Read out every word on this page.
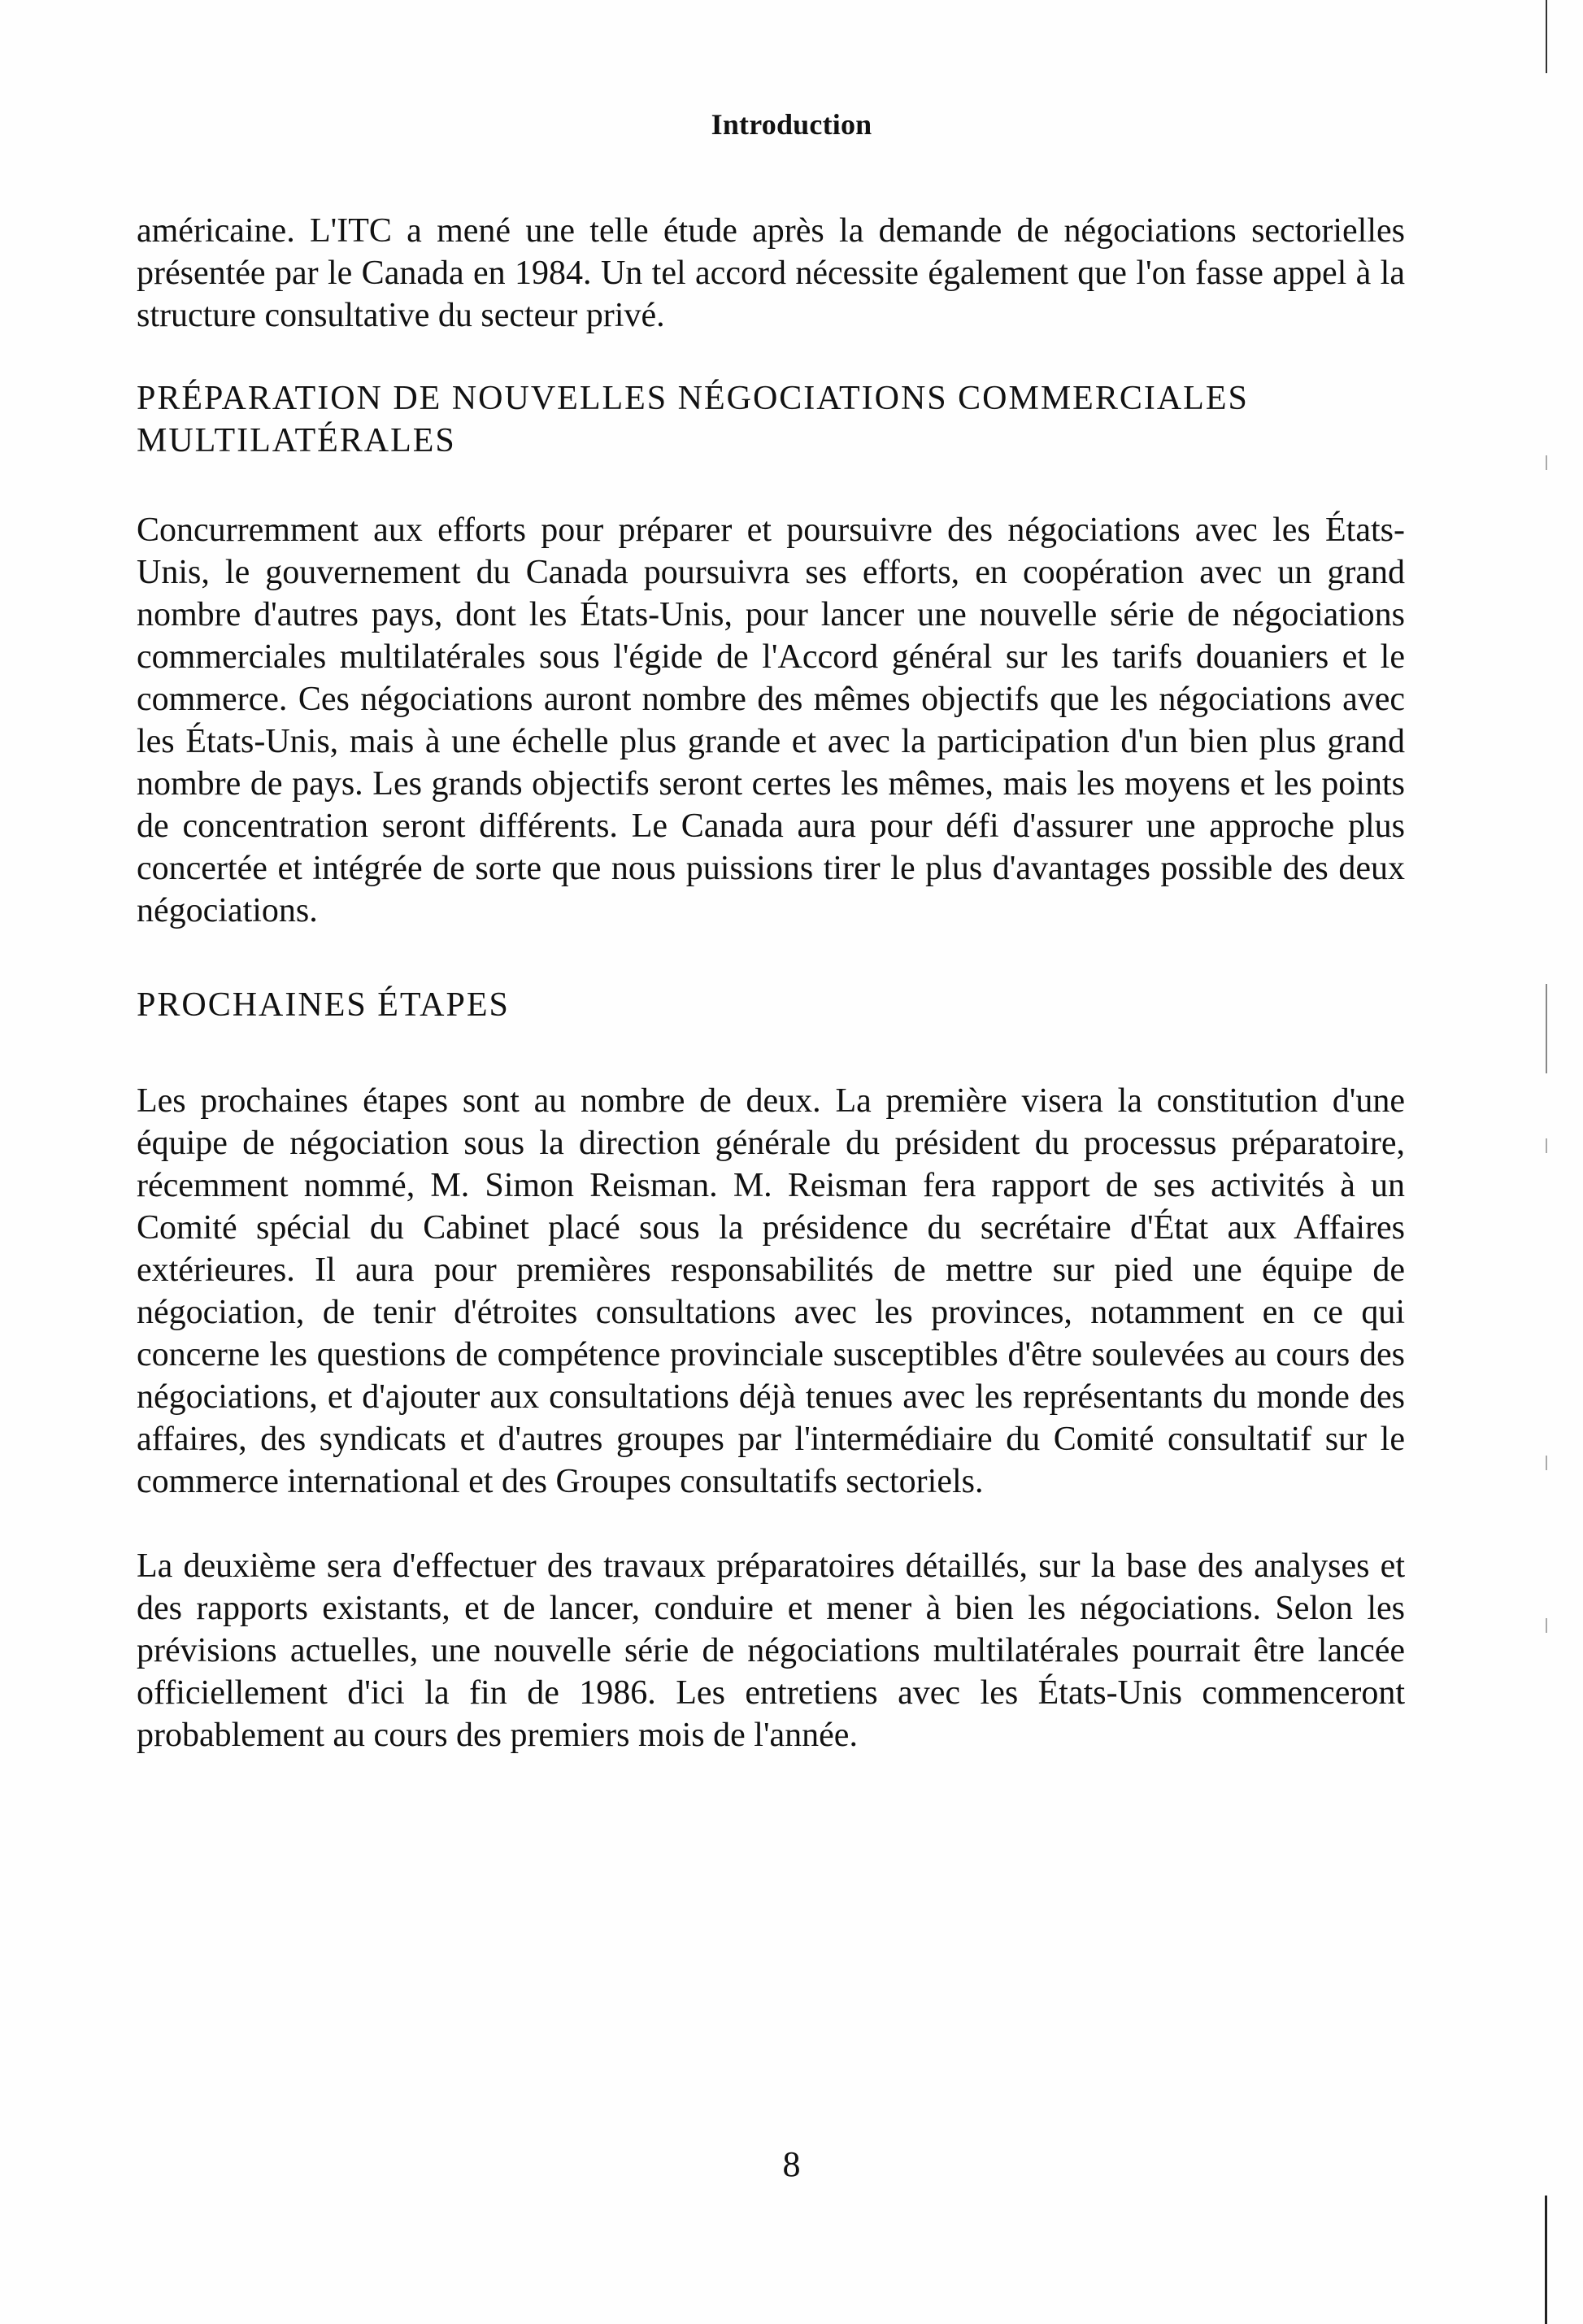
Introduction

américaine. L'ITC a mené une telle étude après la demande de négociations sectorielles présentée par le Canada en 1984. Un tel accord nécessite également que l'on fasse appel à la structure consultative du secteur privé.

PRÉPARATION DE NOUVELLES NÉGOCIATIONS COMMERCIALES MULTILATÉRALES

Concurremment aux efforts pour préparer et poursuivre des négociations avec les États-Unis, le gouvernement du Canada poursuivra ses efforts, en coopération avec un grand nombre d'autres pays, dont les États-Unis, pour lancer une nouvelle série de négociations commerciales multilatérales sous l'égide de l'Accord général sur les tarifs douaniers et le commerce. Ces négociations auront nombre des mêmes objectifs que les négociations avec les États-Unis, mais à une échelle plus grande et avec la participation d'un bien plus grand nombre de pays. Les grands objectifs seront certes les mêmes, mais les moyens et les points de concentration seront différents. Le Canada aura pour défi d'assurer une approche plus concertée et intégrée de sorte que nous puissions tirer le plus d'avantages possible des deux négociations.

PROCHAINES ÉTAPES

Les prochaines étapes sont au nombre de deux. La première visera la constitution d'une équipe de négociation sous la direction générale du président du processus préparatoire, récemment nommé, M. Simon Reisman. M. Reisman fera rapport de ses activités à un Comité spécial du Cabinet placé sous la présidence du secrétaire d'État aux Affaires extérieures. Il aura pour premières responsabilités de mettre sur pied une équipe de négociation, de tenir d'étroites consultations avec les provinces, notamment en ce qui concerne les questions de compétence provinciale susceptibles d'être soulevées au cours des négociations, et d'ajouter aux consultations déjà tenues avec les représentants du monde des affaires, des syndicats et d'autres groupes par l'intermédiaire du Comité consultatif sur le commerce international et des Groupes consultatifs sectoriels.

La deuxième sera d'effectuer des travaux préparatoires détaillés, sur la base des analyses et des rapports existants, et de lancer, conduire et mener à bien les négociations. Selon les prévisions actuelles, une nouvelle série de négociations multilatérales pourrait être lancée officiellement d'ici la fin de 1986. Les entretiens avec les États-Unis commenceront probablement au cours des premiers mois de l'année.

8
